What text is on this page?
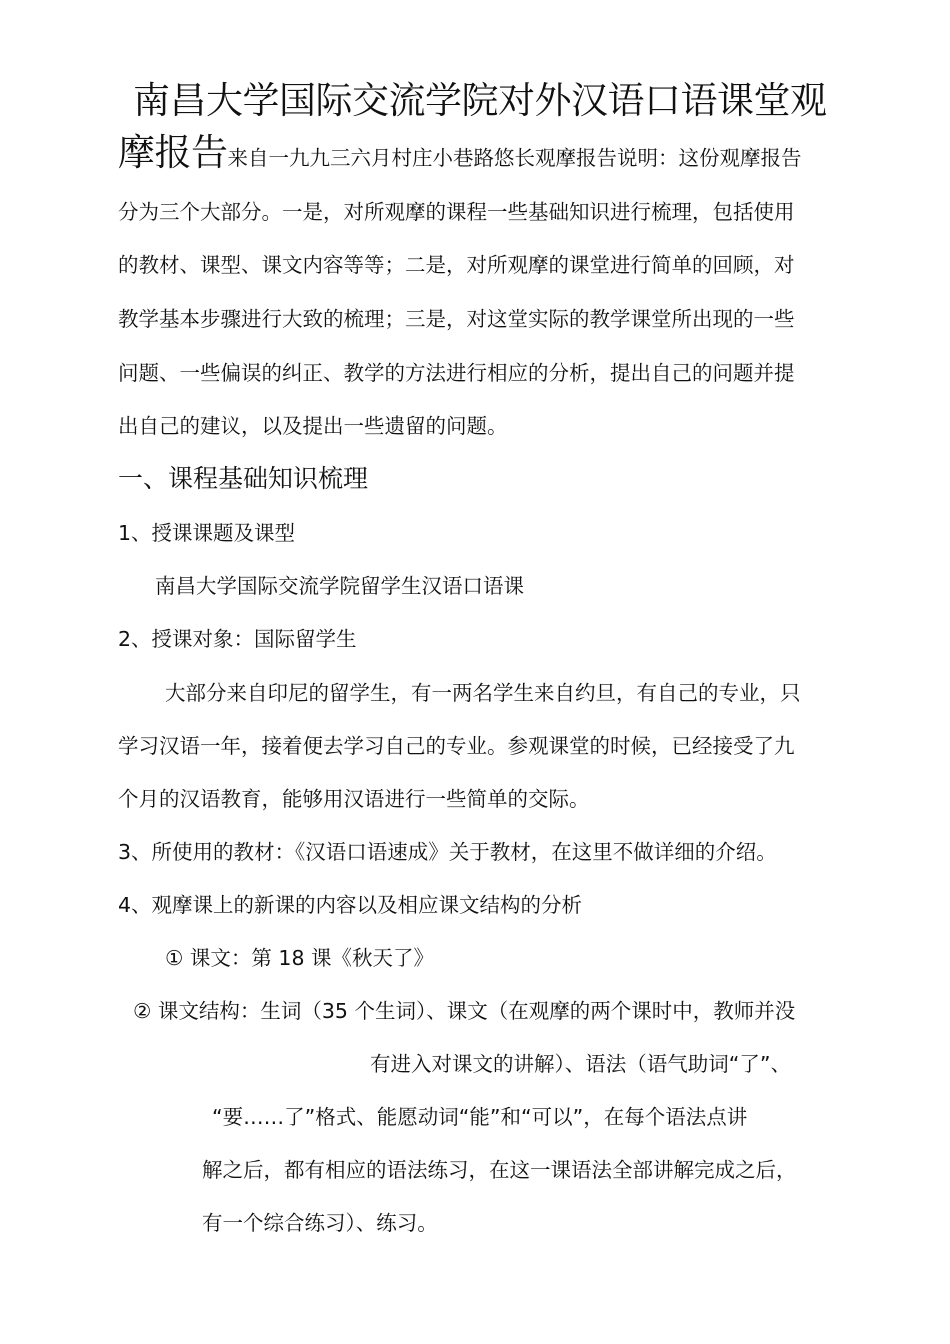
南昌大学国际交流学院对外汉语口语课堂观
摩报告来自一九九三六月村庄小巷路悠长观摩报告说明：这份观摩报告
分为三个大部分。一是，对所观摩的课程一些基础知识进行梳理，包括使用
的教材、课型、课文内容等等；二是，对所观摩的课堂进行简单的回顾，对
教学基本步骤进行大致的梳理；三是，对这堂实际的教学课堂所出现的一些
问题、一些偏误的纠正、教学的方法进行相应的分析，提出自己的问题并提
出自己的建议，以及提出一些遗留的问题。
一、课程基础知识梳理
1、授课课题及课型
南昌大学国际交流学院留学生汉语口语课
2、授课对象：国际留学生
大部分来自印尼的留学生，有一两名学生来自约旦，有自己的专业，只
学习汉语一年，接着便去学习自己的专业。参观课堂的时候，已经接受了九
个月的汉语教育，能够用汉语进行一些简单的交际。
3、所使用的教材：《汉语口语速成》关于教材，在这里不做详细的介绍。
4、观摩课上的新课的内容以及相应课文结构的分析
① 课文：第 18 课《秋天了》
② 课文结构：生词（35 个生词）、课文（在观摩的两个课时中，教师并没
有进入对课文的讲解）、语法（语气助词“了”、
“要……了”格式、能愿动词“能”和“可以”，在每个语法点讲
解之后，都有相应的语法练习，在这一课语法全部讲解完成之后，
有一个综合练习）、练习。
